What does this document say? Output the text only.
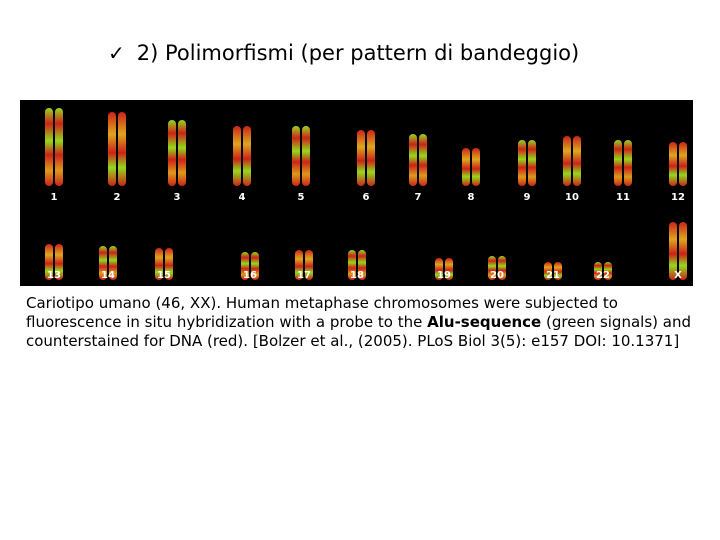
✓ 2) Polimorfismi (per pattern di bandeggio)
1	2	3	4	5	6	7	8	9	10	11	12
13	14	15	16	17	18	19	20	21	22	X
Cariotipo umano (46, XX). Human metaphase chromosomes were subjected to fluorescence in situ hybridization with a probe to the Alu-sequence (green signals) and counterstained for DNA (red). [Bolzer et al., (2005). PLoS Biol 3(5): e157 DOI: 10.1371]
